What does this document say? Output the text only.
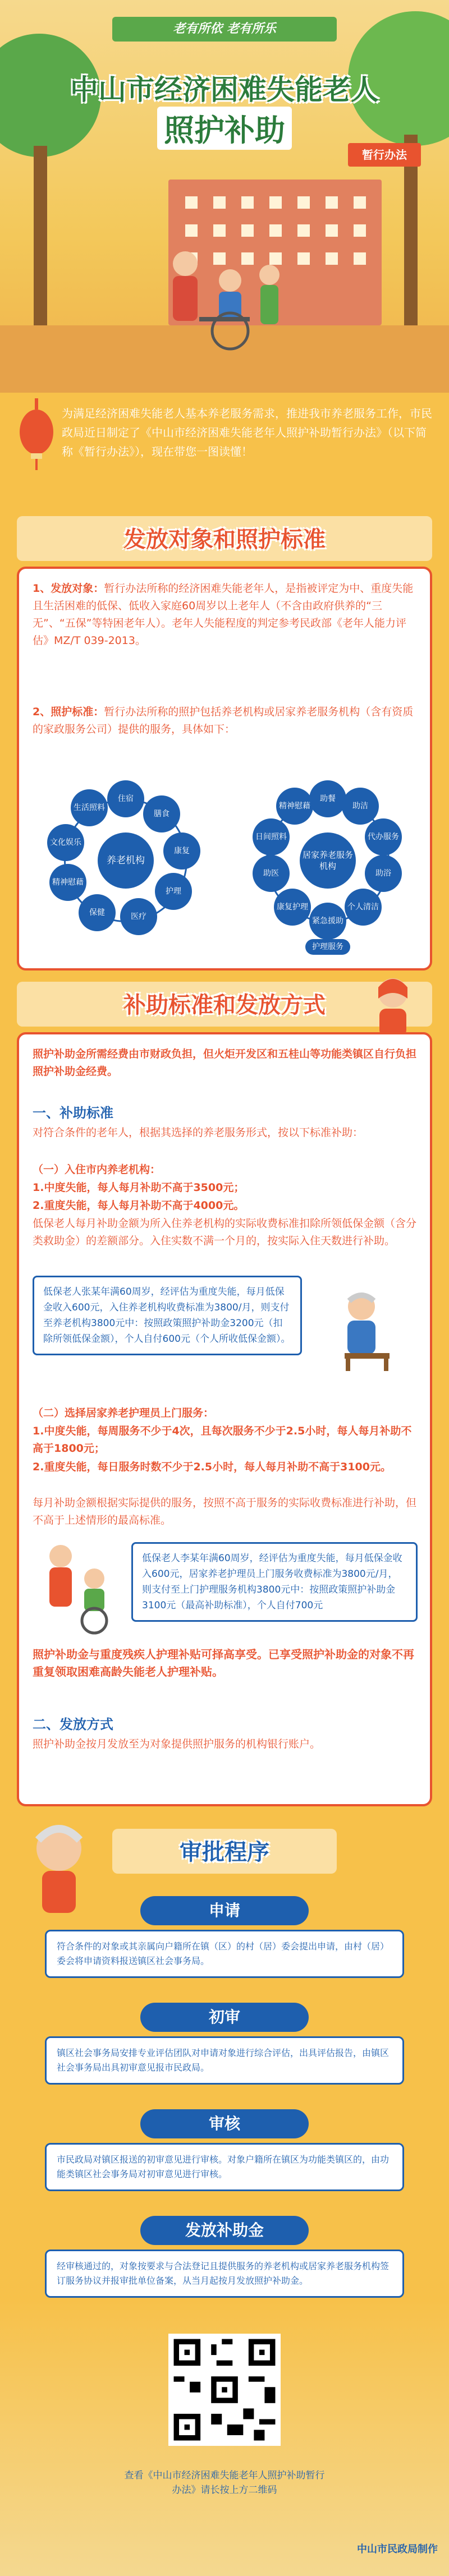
老有所依 老有所乐
中山市经济困难失能老人
照护补助
暂行办法
为满足经济困难失能老人基本养老服务需求，推进我市养老服务工作，市民政局近日制定了《中山市经济困难失能老年人照护补助暂行办法》（以下简称《暂行办法》），现在带您一图读懂！
发放对象和照护标准

1、发放对象：暂行办法所称的经济困难失能老年人，是指被评定为中、重度失能且生活困难的低保、低收入家庭60周岁以上老年人（不含由政府供养的“三无”、“五保”等特困老年人）。老年人失能程度的判定参考民政部《老年人能力评估》MZ/T 039-2013。

2、照护标准：暂行办法所称的照护包括养老机构或居家养老服务机构（含有资质的家政服务公司）提供的服务，具体如下：

养老机构
住宿
生活照料
膳食
康复
护理
医疗
保健
精神慰藉
文化娱乐
居家养老服务机构
助餐
精神慰藉	助洁
代办服务
助浴
个人清洁
紧急援助
康复护理
助医
日间照料
护理服务
补助标准和发放方式

照护补助金所需经费由市财政负担，但火炬开发区和五桂山等功能类镇区自行负担照护补助金经费。

一、补助标准

对符合条件的老年人，根据其选择的养老服务形式，按以下标准补助：

（一）入住市内养老机构：

1.中度失能，每人每月补助不高于3500元；

2.重度失能，每人每月补助不高于4000元。

低保老人每月补助金额为所入住养老机构的实际收费标准扣除所领低保金额（含分类救助金）的差额部分。入住实数不满一个月的，按实际入住天数进行补助。

低保老人张某年满60周岁，经评估为重度失能，每月低保金收入600元，入住养老机构收费标准为3800/月，则支付至养老机构3800元中：按照政策照护补助金3200元（扣除所领低保金额），个人自付600元（个人所收低保金额）。

（二）选择居家养老护理员上门服务：

1.中度失能，每周服务不少于4次，且每次服务不少于2.5小时，每人每月补助不高于1800元；

2.重度失能，每日服务时数不少于2.5小时，每人每月补助不高于3100元。

每月补助金额根据实际提供的服务，按照不高于服务的实际收费标准进行补助，但不高于上述情形的最高标准。

低保老人李某年满60周岁，经评估为重度失能，每月低保金收入600元，居家养老护理员上门服务收费标准为3800元/月，则支付至上门护理服务机构3800元中：按照政策照护补助金3100元（最高补助标准），个人自付700元

照护补助金与重度残疾人护理补贴可择高享受。已享受照护补助金的对象不再重复领取困难高龄失能老人护理补贴。

二、发放方式

照护补助金按月发放至为对象提供照护服务的机构银行账户。

审批程序
申请
符合条件的对象或其亲属向户籍所在镇（区）的村（居）委会提出申请，由村（居）委会将申请资料报送镇区社会事务局。
初审
镇区社会事务局安排专业评估团队对申请对象进行综合评估，出具评估报告，由镇区社会事务局出具初审意见报市民政局。
审核
市民政局对镇区报送的初审意见进行审核。对象户籍所在镇区为功能类镇区的，由功能类镇区社会事务局对初审意见进行审核。
发放补助金
经审核通过的，对象按要求与合法登记且提供服务的养老机构或居家养老服务机构签订服务协议并报审批单位备案，从当月起按月发放照护补助金。
查看《中山市经济困难失能老年人照护补助暂行办法》请长按上方二维码
中山市民政局制作
